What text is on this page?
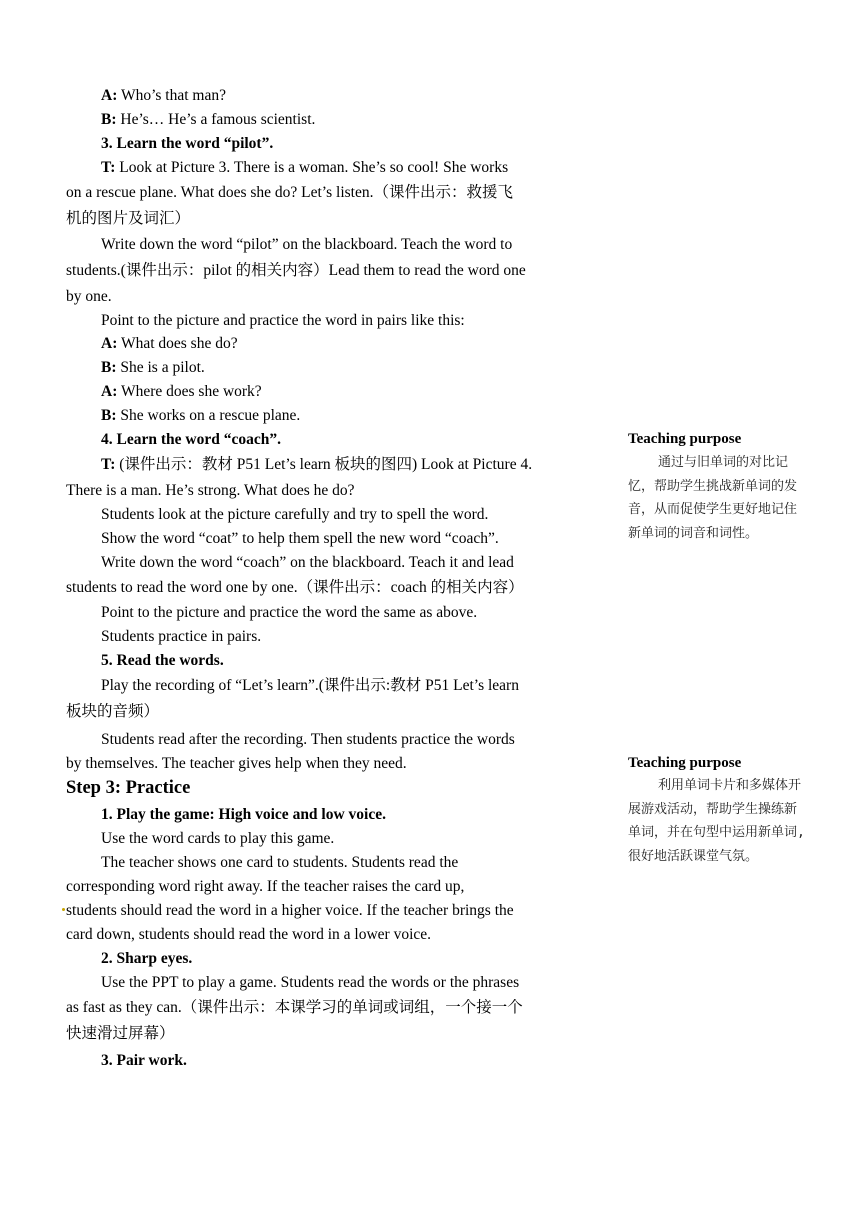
A: Who’s that man?
B: He’s… He’s a famous scientist.
3. Learn the word “pilot”.
T: Look at Picture 3. There is a woman. She’s so cool! She works
on a rescue plane. What does she do? Let’s listen.（课件出示：救援飞
机的图片及词汇）
Write down the word “pilot” on the blackboard. Teach the word to
students.(课件出示：pilot 的相关内容）Lead them to read the word one
by one.
Point to the picture and practice the word in pairs like this:
A: What does she do?
B: She is a pilot.
A: Where does she work?
B: She works on a rescue plane.
4. Learn the word “coach”.
T: (课件出示：教材 P51 Let’s learn 板块的图四) Look at Picture 4.
There is a man. He’s strong. What does he do?
Students look at the picture carefully and try to spell the word.
Show the word “coat” to help them spell the new word “coach”.
Write down the word “coach” on the blackboard. Teach it and lead
students to read the word one by one.（课件出示：coach 的相关内容）
Point to the picture and practice the word the same as above.
Students practice in pairs.
5. Read the words.
Play the recording of “Let’s learn”.(课件出示:教材 P51 Let’s learn
板块的音频）
Students read after the recording. Then students practice the words
by themselves. The teacher gives help when they need.
Step 3: Practice
1. Play the game: High voice and low voice.
Use the word cards to play this game.
The teacher shows one card to students. Students read the
corresponding word right away. If the teacher raises the card up,
students should read the word in a higher voice. If the teacher brings the
card down, students should read the word in a lower voice.
2. Sharp eyes.
Use the PPT to play a game. Students read the words or the phrases
as fast as they can.（课件出示：本课学习的单词或词组，一个接一个
快速滑过屏幕）
3. Pair work.
Teaching purpose
通过与旧单词的对比记忆，帮助学生挑战新单词的发音，从而促使学生更好地记住新单词的词音和词性。
Teaching purpose
利用单词卡片和多媒体开展游戏活动，帮助学生操练新单词，并在句型中运用新单词,很好地活跃课堂气氛。
